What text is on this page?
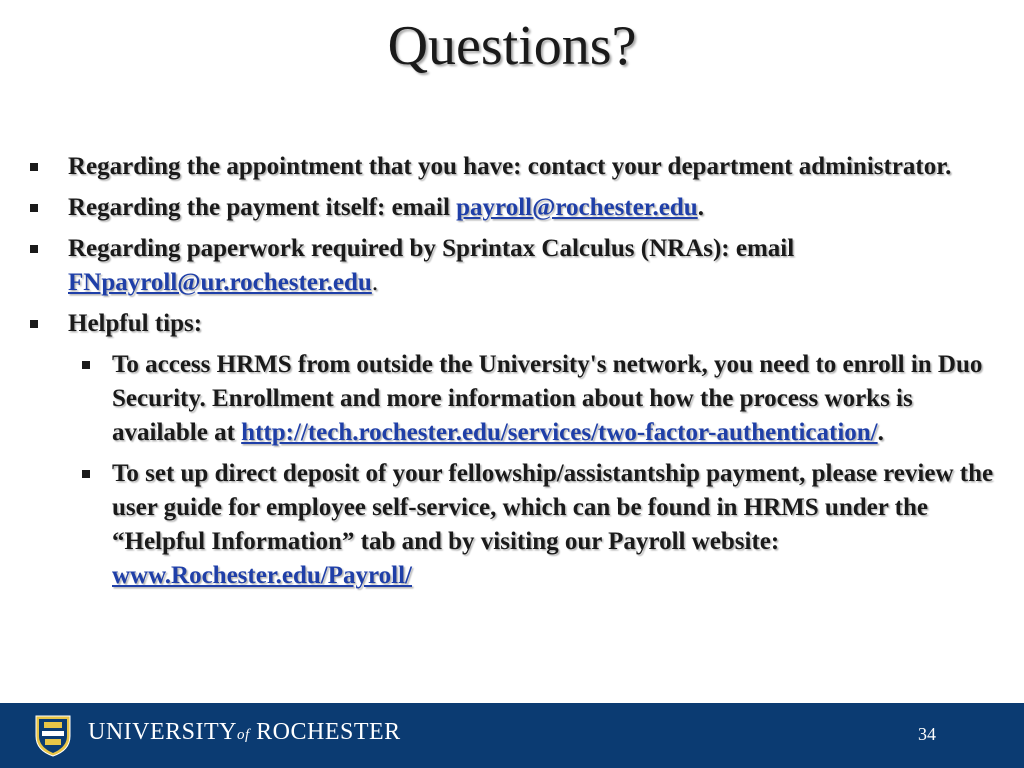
Questions?
Regarding the appointment that you have: contact your department administrator.
Regarding the payment itself: email payroll@rochester.edu.
Regarding paperwork required by Sprintax Calculus (NRAs): email FNpayroll@ur.rochester.edu.
Helpful tips:
To access HRMS from outside the University's network, you need to enroll in Duo Security. Enrollment and more information about how the process works is available at http://tech.rochester.edu/services/two-factor-authentication/.
To set up direct deposit of your fellowship/assistantship payment, please review the user guide for employee self-service, which can be found in HRMS under the “Helpful Information” tab and by visiting our Payroll website: www.Rochester.edu/Payroll/
UNIVERSITYof ROCHESTER	34
